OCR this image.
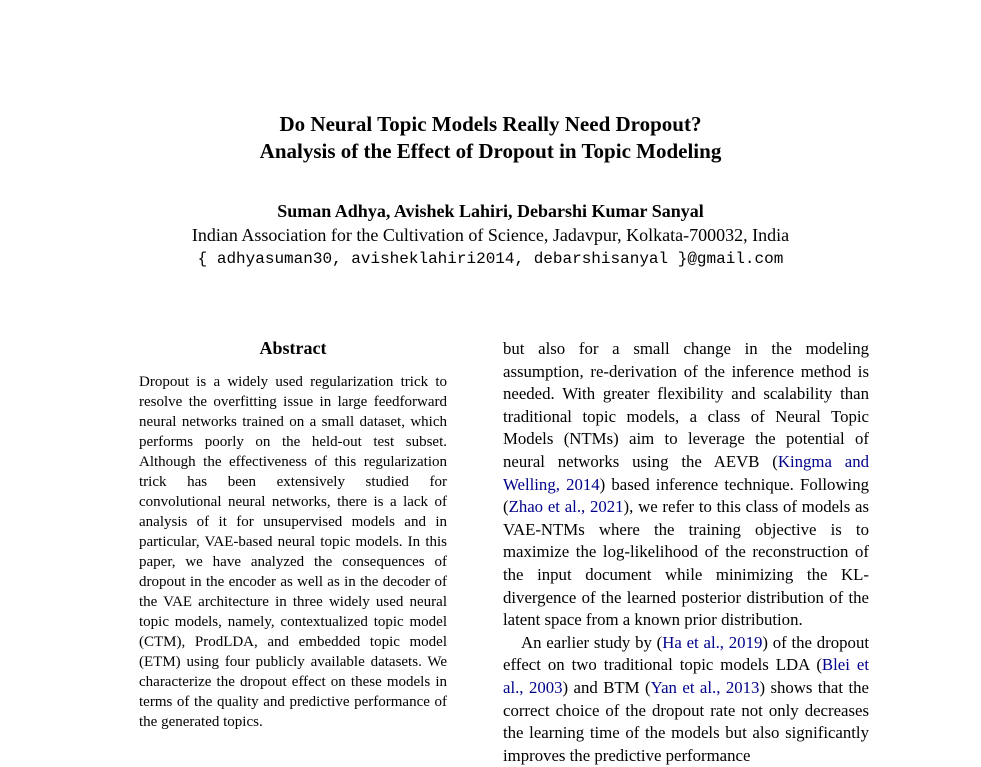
Do Neural Topic Models Really Need Dropout?
Analysis of the Effect of Dropout in Topic Modeling
Suman Adhya, Avishek Lahiri, Debarshi Kumar Sanyal
Indian Association for the Cultivation of Science, Jadavpur, Kolkata-700032, India
{ adhyasuman30, avisheklahiri2014, debarshisanyal }@gmail.com
Abstract
Dropout is a widely used regularization trick to resolve the overfitting issue in large feedforward neural networks trained on a small dataset, which performs poorly on the held-out test subset. Although the effectiveness of this regularization trick has been extensively studied for convolutional neural networks, there is a lack of analysis of it for unsupervised models and in particular, VAE-based neural topic models. In this paper, we have analyzed the consequences of dropout in the encoder as well as in the decoder of the VAE architecture in three widely used neural topic models, namely, contextualized topic model (CTM), ProdLDA, and embedded topic model (ETM) using four publicly available datasets. We characterize the dropout effect on these models in terms of the quality and predictive performance of the generated topics.

but also for a small change in the modeling assumption, re-derivation of the inference method is needed. With greater flexibility and scalability than traditional topic models, a class of Neural Topic Models (NTMs) aim to leverage the potential of neural networks using the AEVB (Kingma and Welling, 2014) based inference technique. Following (Zhao et al., 2021), we refer to this class of models as VAE-NTMs where the training objective is to maximize the log-likelihood of the reconstruction of the input document while minimizing the KL-divergence of the learned posterior distribution of the latent space from a known prior distribution.

An earlier study by (Ha et al., 2019) of the dropout effect on two traditional topic models LDA (Blei et al., 2003) and BTM (Yan et al., 2013) shows that the correct choice of the dropout rate not only decreases the learning time of the models but also significantly improves the predictive performance
